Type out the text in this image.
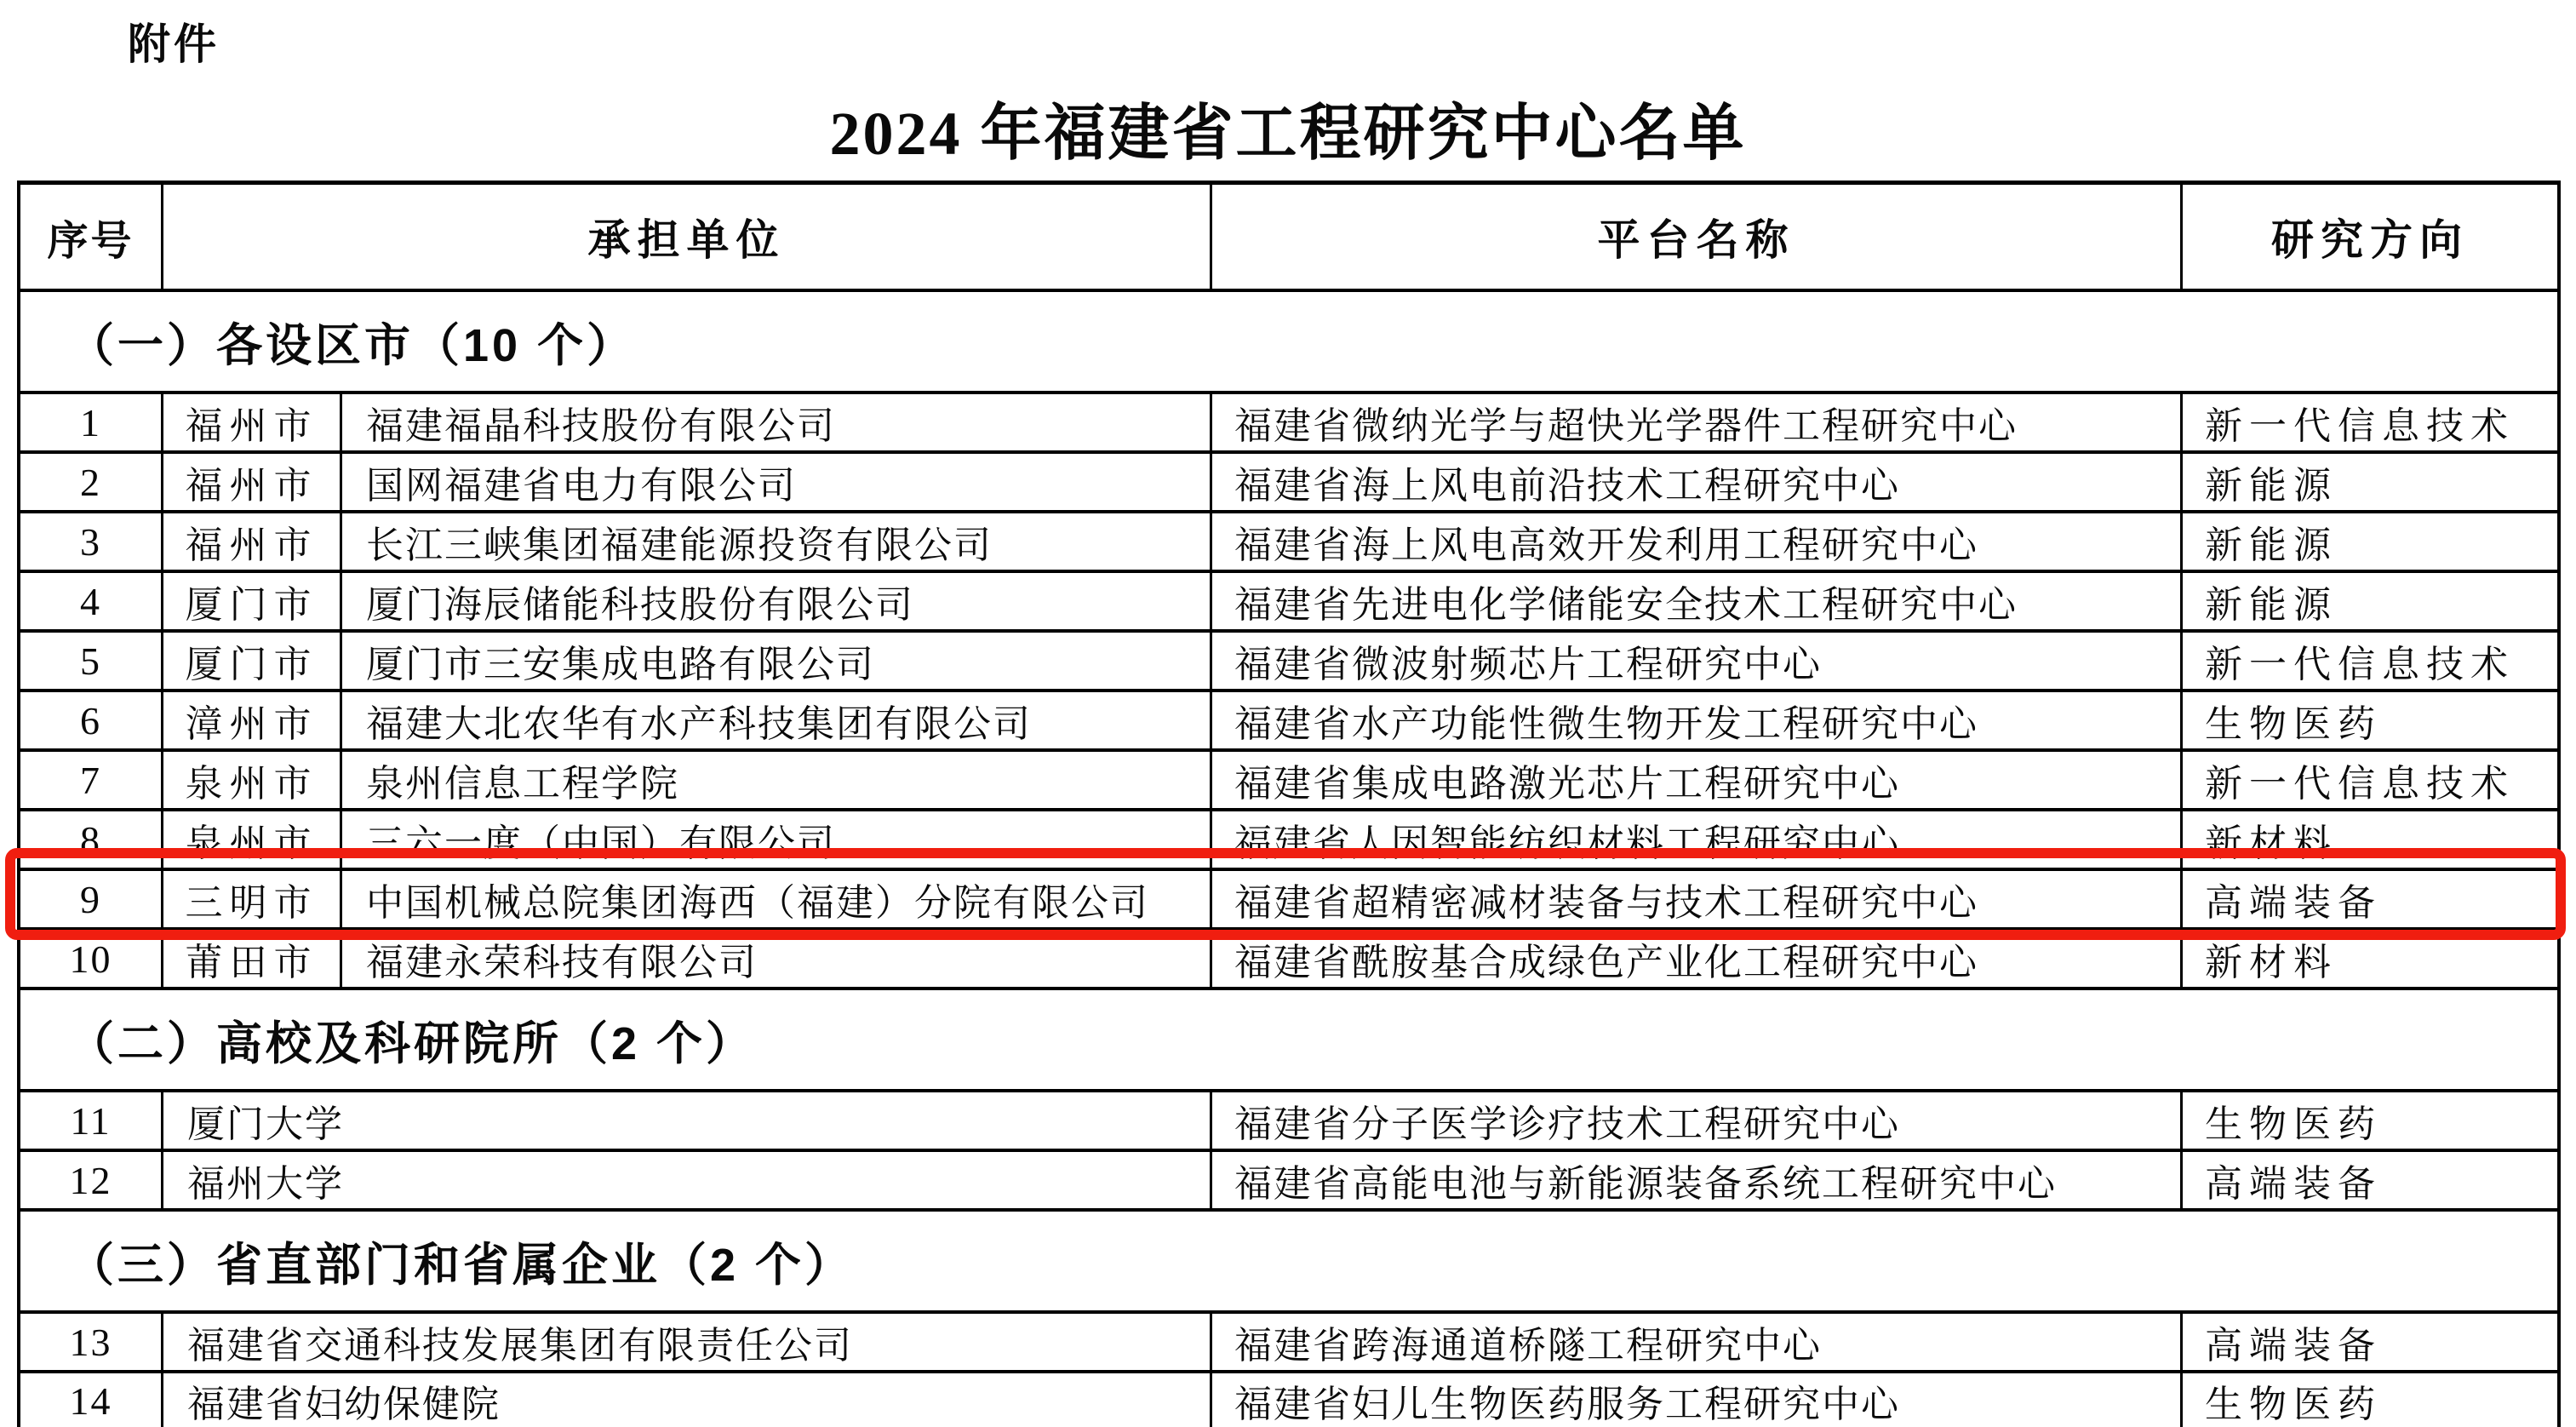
附件
2024 年福建省工程研究中心名单
序号	承担单位	平台名称	研究方向
（一）各设区市（10 个）
1	福州市	福建福晶科技股份有限公司	福建省微纳光学与超快光学器件工程研究中心	新一代信息技术
2	福州市	国网福建省电力有限公司	福建省海上风电前沿技术工程研究中心	新能源
3	福州市	长江三峡集团福建能源投资有限公司	福建省海上风电高效开发利用工程研究中心	新能源
4	厦门市	厦门海辰储能科技股份有限公司	福建省先进电化学储能安全技术工程研究中心	新能源
5	厦门市	厦门市三安集成电路有限公司	福建省微波射频芯片工程研究中心	新一代信息技术
6	漳州市	福建大北农华有水产科技集团有限公司	福建省水产功能性微生物开发工程研究中心	生物医药
7	泉州市	泉州信息工程学院	福建省集成电路激光芯片工程研究中心	新一代信息技术
8	泉州市	三六一度（中国）有限公司	福建省人因智能纺织材料工程研究中心	新材料
9	三明市	中国机械总院集团海西（福建）分院有限公司	福建省超精密减材装备与技术工程研究中心	高端装备
10	莆田市	福建永荣科技有限公司	福建省酰胺基合成绿色产业化工程研究中心	新材料
（二）高校及科研院所（2 个）
11	厦门大学	福建省分子医学诊疗技术工程研究中心	生物医药
12	福州大学	福建省高能电池与新能源装备系统工程研究中心	高端装备
（三）省直部门和省属企业（2 个）
13	福建省交通科技发展集团有限责任公司	福建省跨海通道桥隧工程研究中心	高端装备
14	福建省妇幼保健院	福建省妇儿生物医药服务工程研究中心	生物医药
